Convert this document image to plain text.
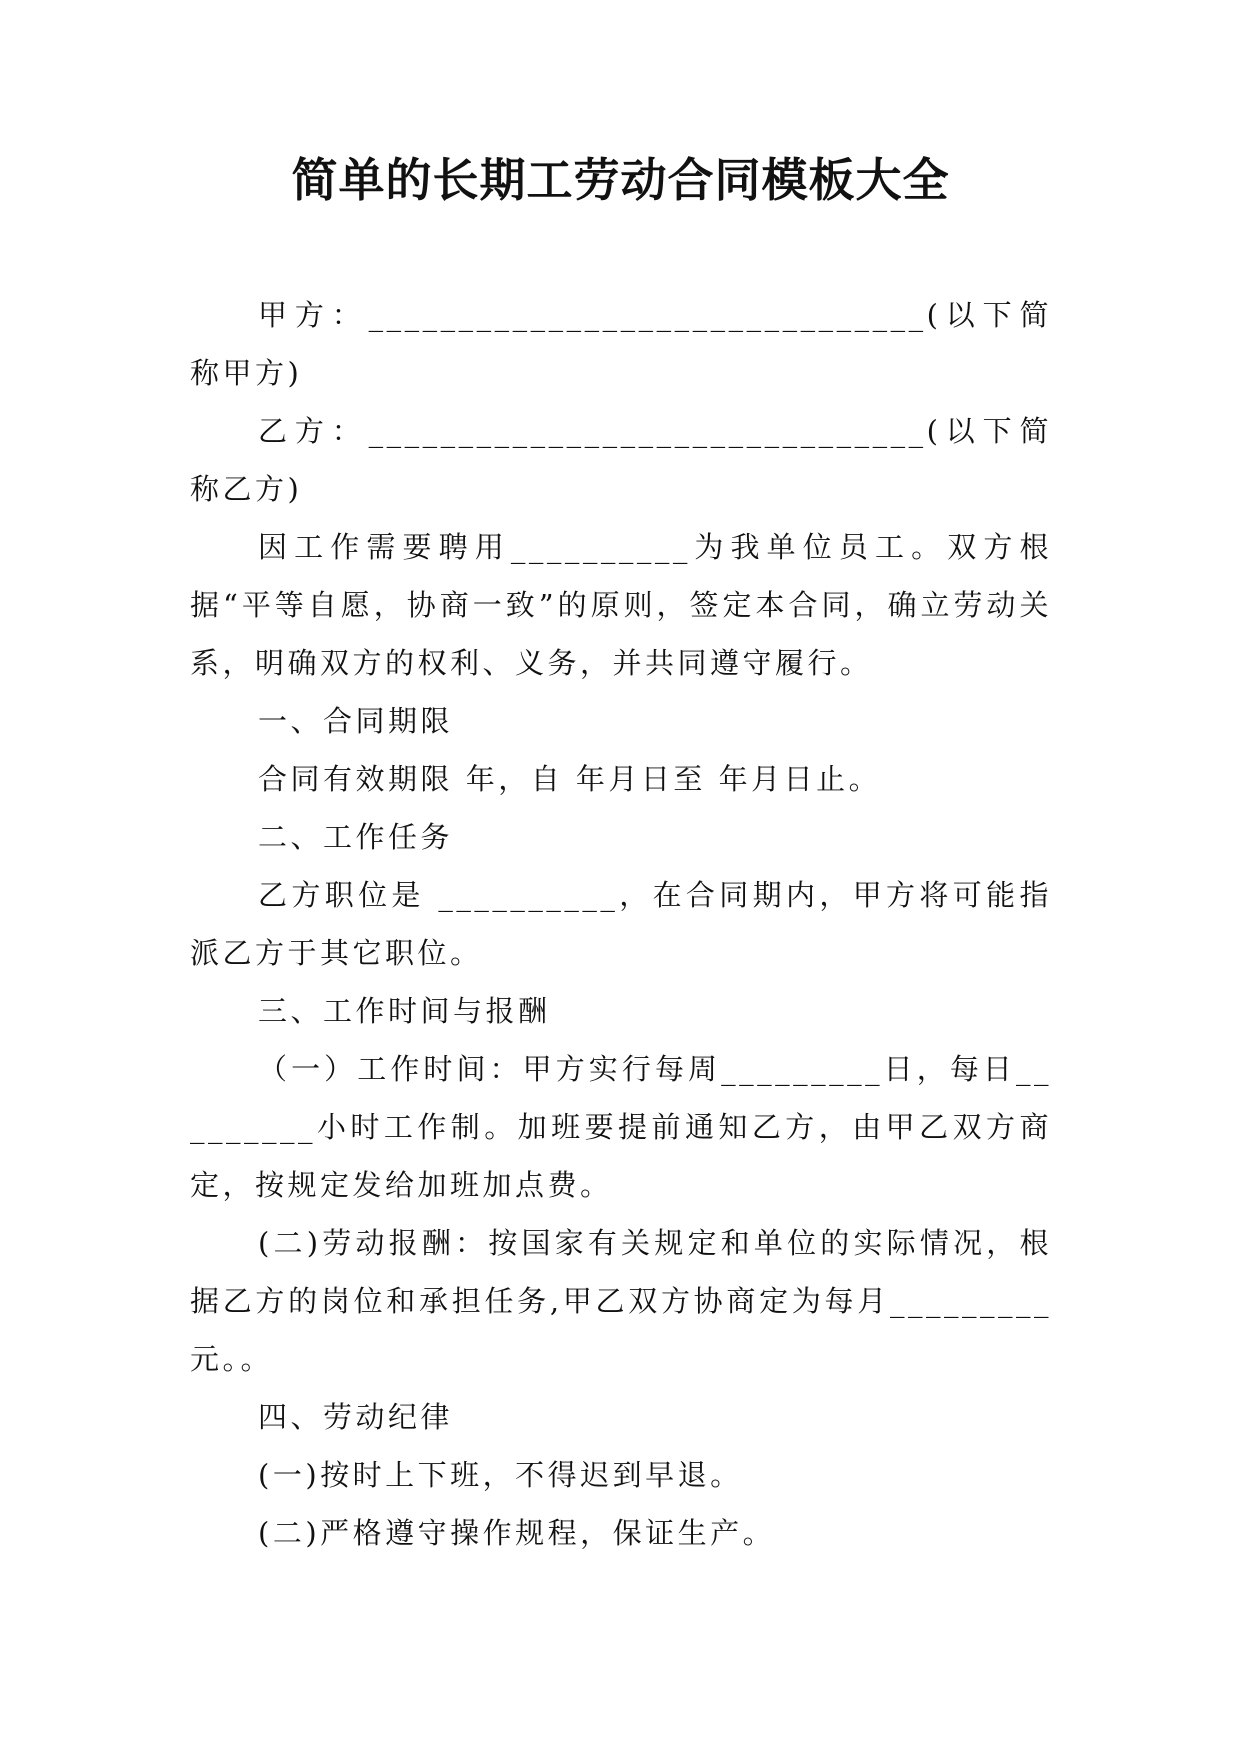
简单的长期工劳动合同模板大全

甲方：_______________________________(以下简称甲方)

乙方：_______________________________(以下简称乙方)

因工作需要聘用__________为我单位员工。双方根据“平等自愿，协商一致”的原则，签定本合同，确立劳动关系，明确双方的权利、义务，并共同遵守履行。

一、合同期限

合同有效期限 年，自 年月日至 年月日止。

二、工作任务

乙方职位是 __________，在合同期内，甲方将可能指派乙方于其它职位。

三、工作时间与报酬

（一）工作时间：甲方实行每周_________日，每日_________小时工作制。加班要提前通知乙方，由甲乙双方商定，按规定发给加班加点费。

(二)劳动报酬：按国家有关规定和单位的实际情况，根据乙方的岗位和承担任务,甲乙双方协商定为每月_________元。。

四、劳动纪律

(一)按时上下班，不得迟到早退。

(二)严格遵守操作规程，保证生产。
